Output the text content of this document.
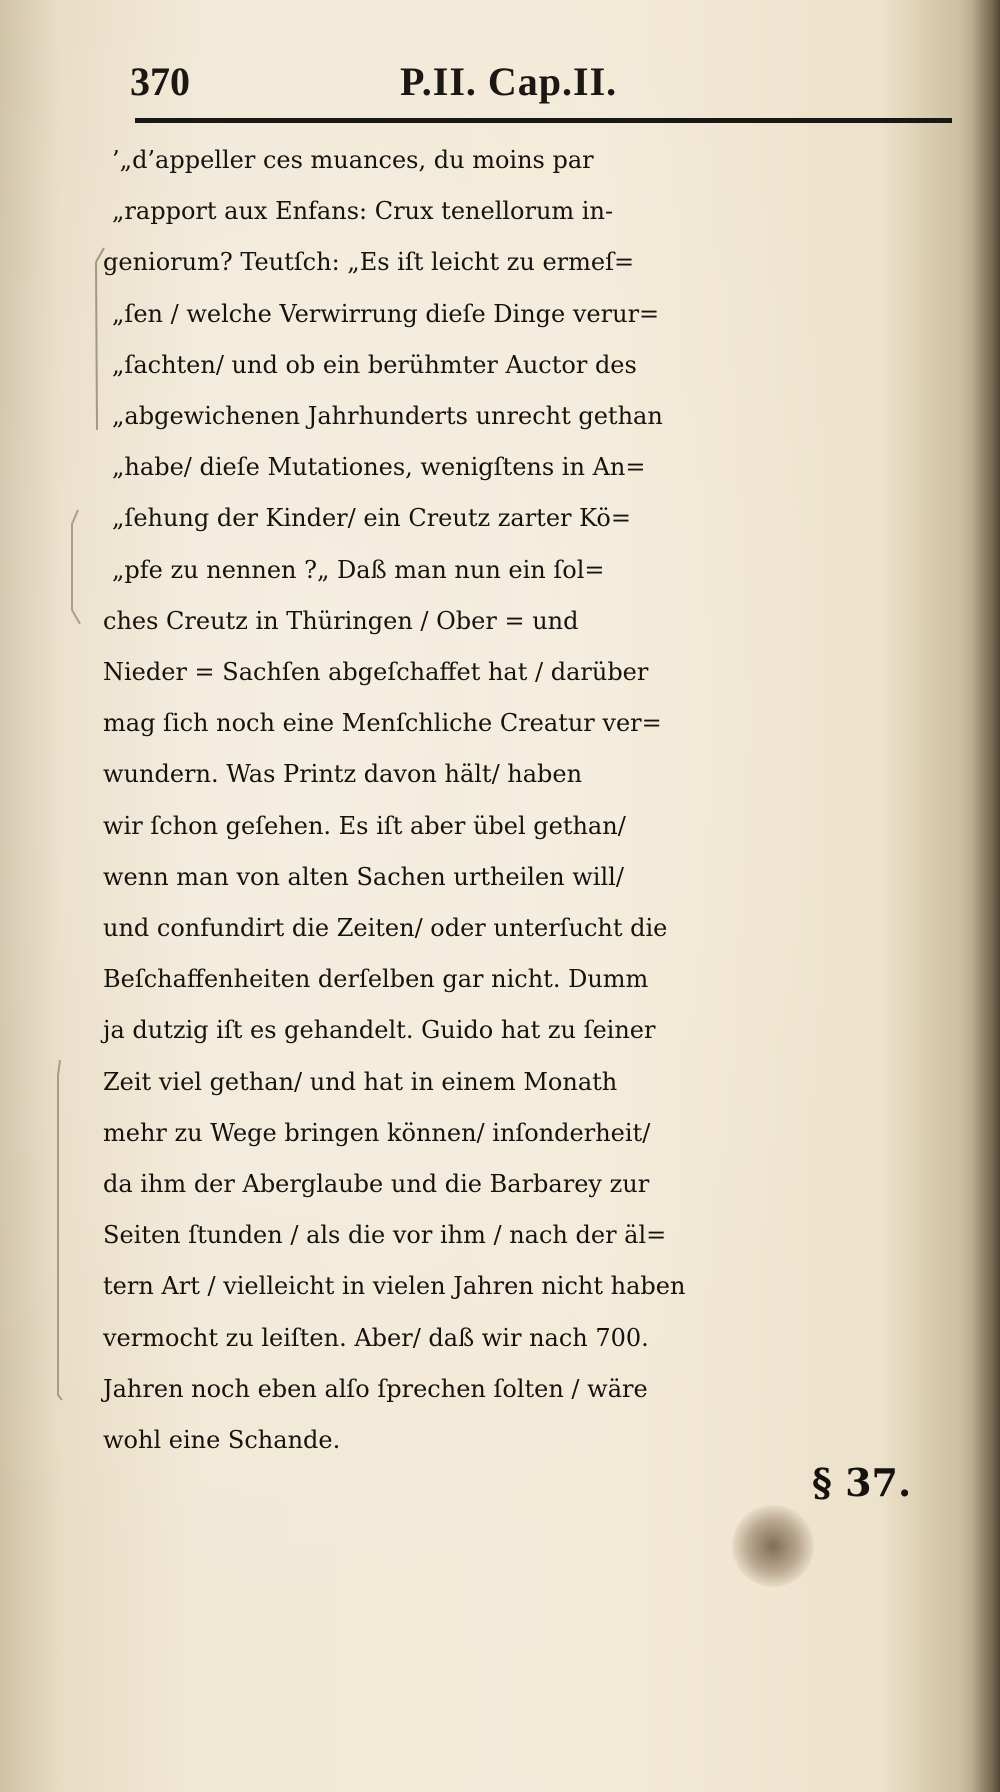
370	P.II. Cap.II.
’„d’appeller ces muances, du moins par
„rapport aux Enfans: Crux tenellorum in-
geniorum? Teutſch: „Es iſt leicht zu ermeſ=
„ſen / welche Verwirrung dieſe Dinge verur=
„ſachten/ und ob ein berühmter Auctor des
„abgewichenen Jahrhunderts unrecht gethan
„habe/ dieſe Mutationes, wenigſtens in An=
„ſehung der Kinder/ ein Creutz zarter Kö=
„pfe zu nennen ?„ Daß man nun ein ſol=
ches Creutz in Thüringen / Ober = und
Nieder = Sachſen abgeſchaffet hat / darüber
mag ſich noch eine Menſchliche Creatur ver=
wundern. Was Printz davon hält/ haben
wir ſchon geſehen. Es iſt aber übel gethan/
wenn man von alten Sachen urtheilen will/
und confundirt die Zeiten/ oder unterſucht die
Beſchaffenheiten derſelben gar nicht. Dumm
ja dutzig iſt es gehandelt. Guido hat zu ſeiner
Zeit viel gethan/ und hat in einem Monath
mehr zu Wege bringen können/ inſonderheit/
da ihm der Aberglaube und die Barbarey zur
Seiten ſtunden / als die vor ihm / nach der äl=
tern Art / vielleicht in vielen Jahren nicht haben
vermocht zu leiſten. Aber/ daß wir nach 700.
Jahren noch eben alſo ſprechen ſolten / wäre
wohl eine Schande.
§ 37.
